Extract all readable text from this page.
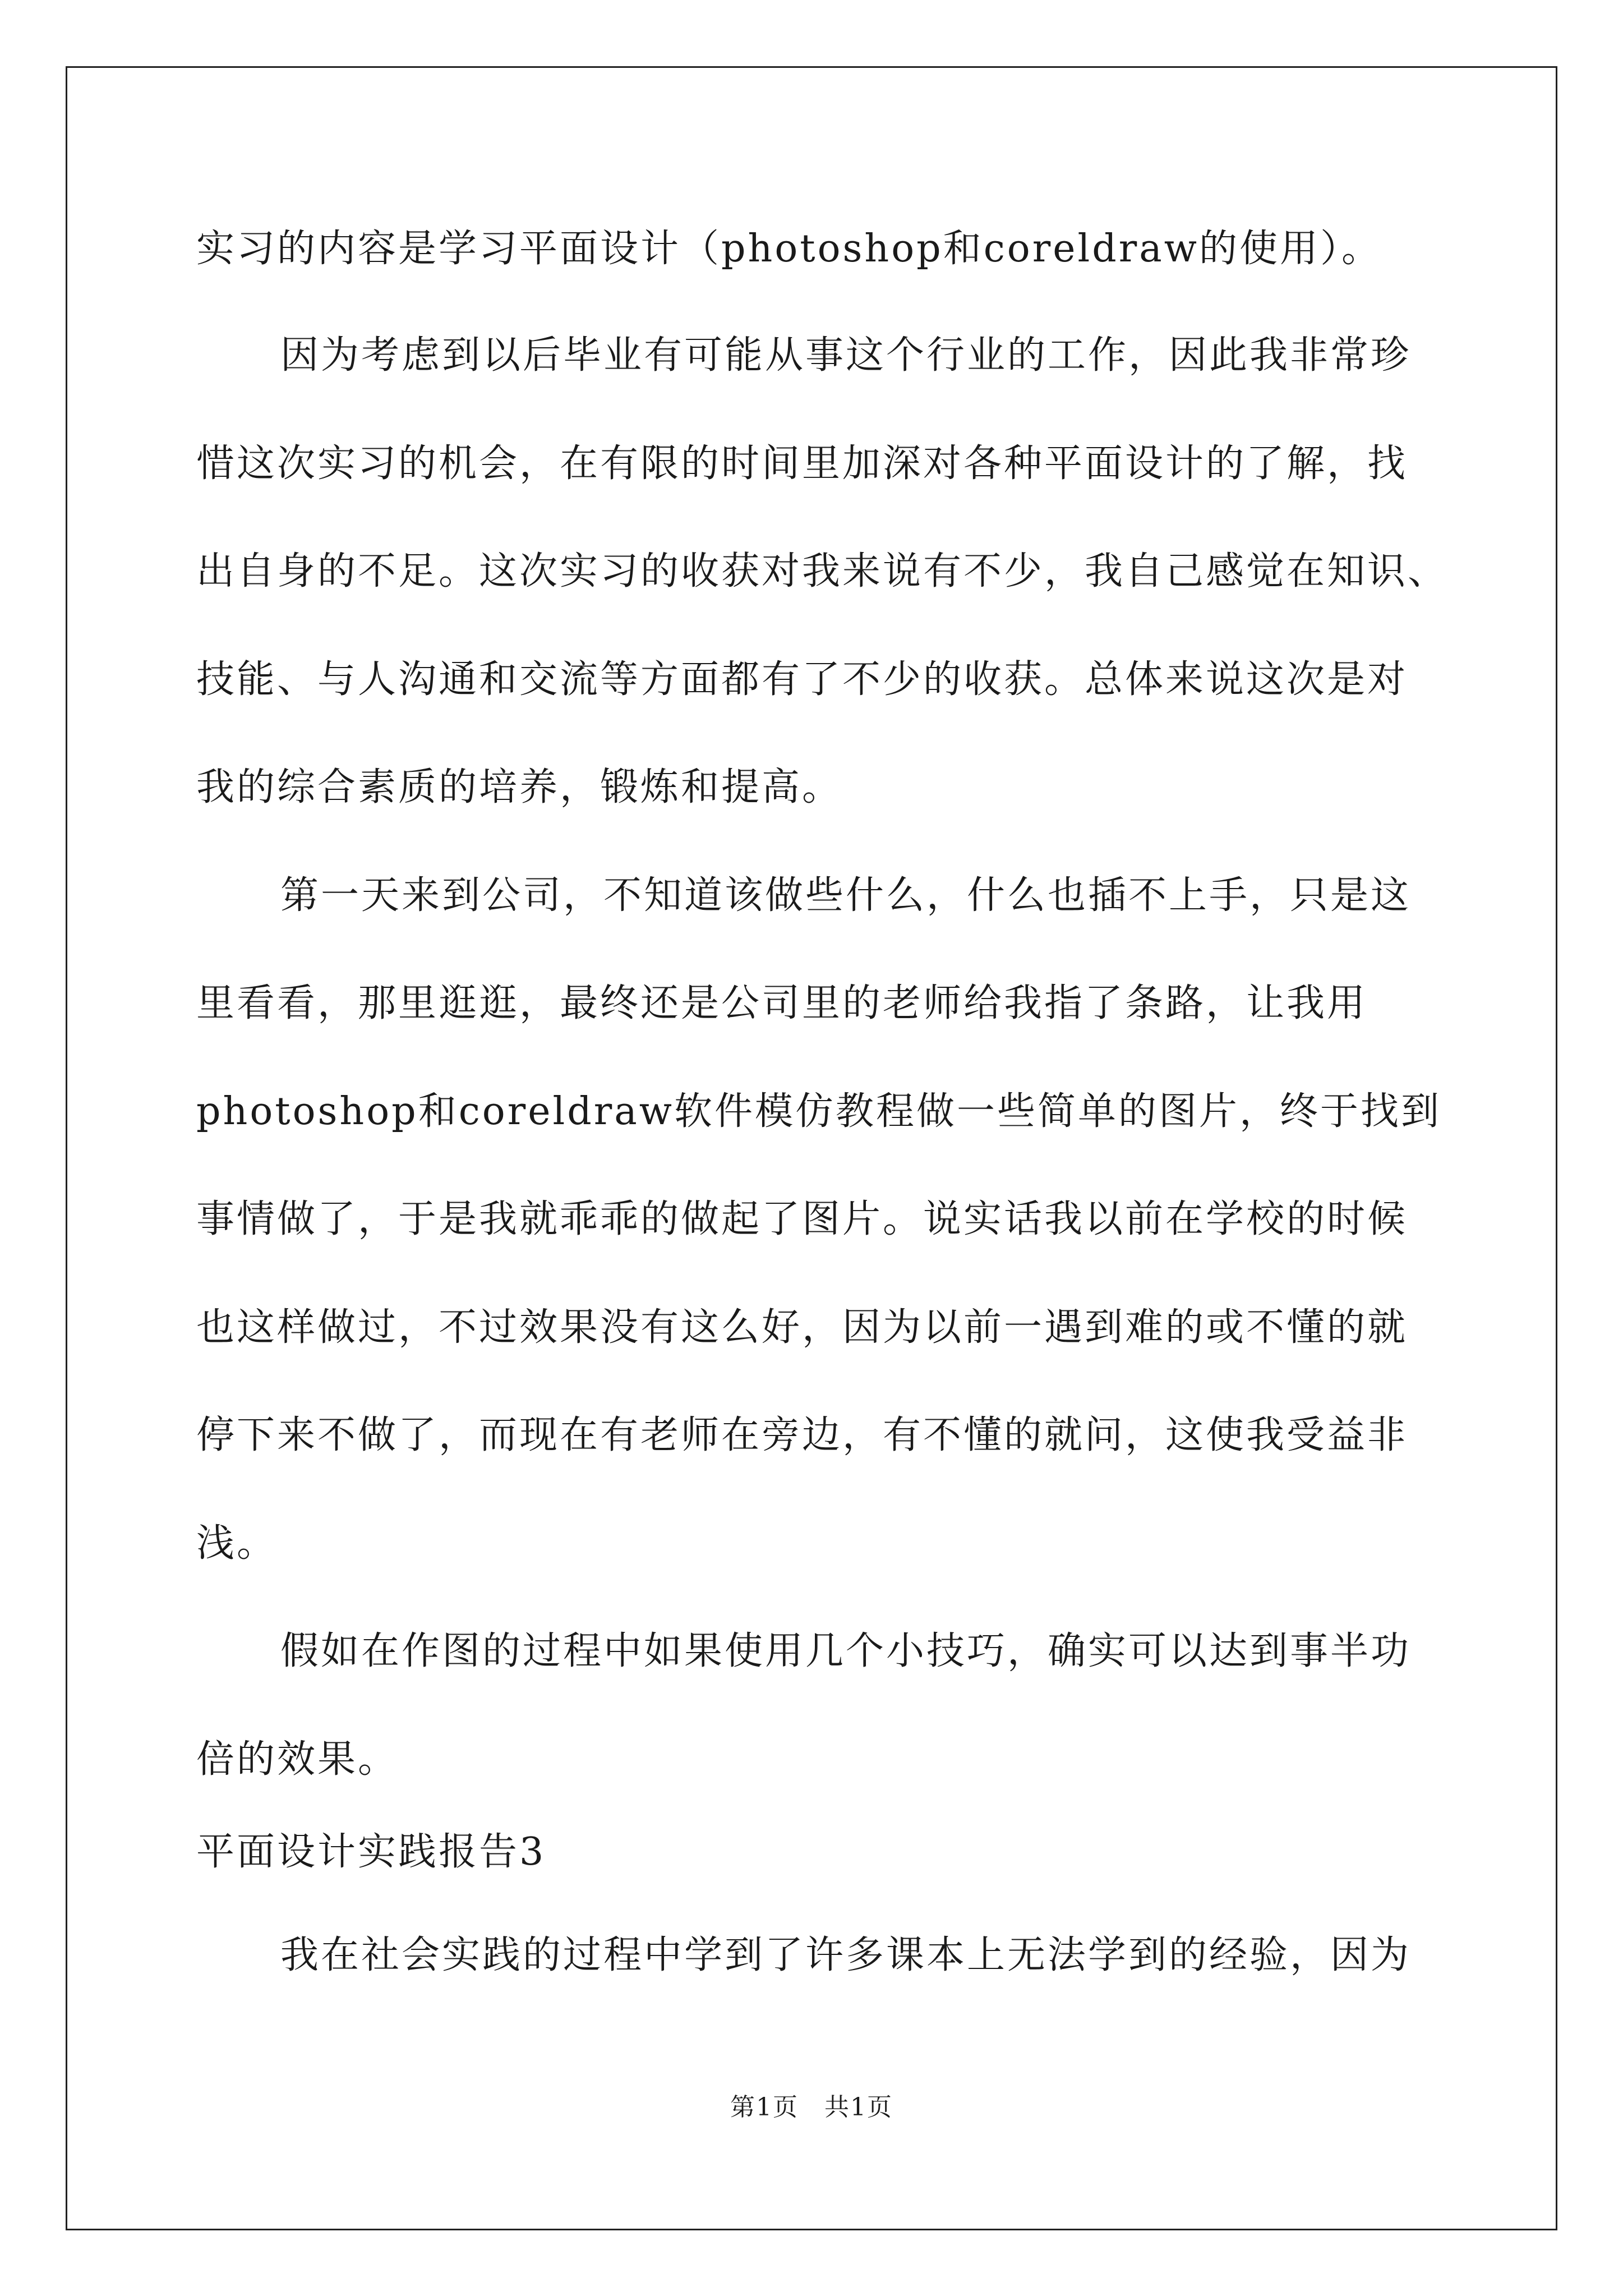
实习的内容是学习平面设计（photoshop和coreldraw的使用）。
因为考虑到以后毕业有可能从事这个行业的工作，因此我非常珍
惜这次实习的机会，在有限的时间里加深对各种平面设计的了解，找
出自身的不足。这次实习的收获对我来说有不少，我自己感觉在知识、
技能、与人沟通和交流等方面都有了不少的收获。总体来说这次是对
我的综合素质的培养，锻炼和提高。
第一天来到公司，不知道该做些什么，什么也插不上手，只是这
里看看，那里逛逛，最终还是公司里的老师给我指了条路，让我用
photoshop和coreldraw软件模仿教程做一些简单的图片，终于找到
事情做了，于是我就乖乖的做起了图片。说实话我以前在学校的时候
也这样做过，不过效果没有这么好，因为以前一遇到难的或不懂的就
停下来不做了，而现在有老师在旁边，有不懂的就问，这使我受益非
浅。
假如在作图的过程中如果使用几个小技巧，确实可以达到事半功
倍的效果。
平面设计实践报告3
我在社会实践的过程中学到了许多课本上无法学到的经验，因为
第1页　共1页
